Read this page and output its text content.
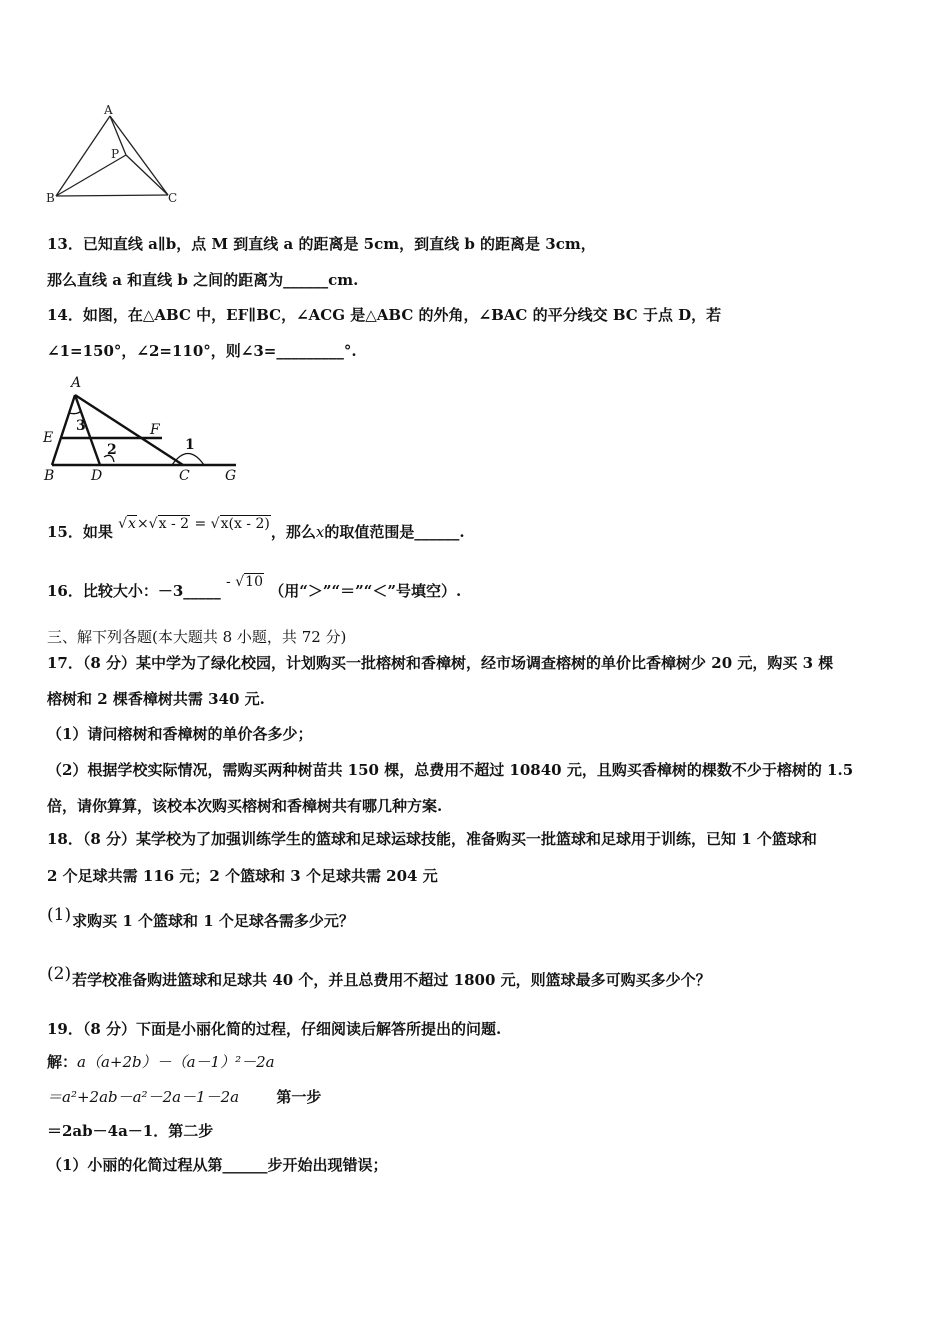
A
P
B	C
13．已知直线 a∥b，点 M 到直线 a 的距离是 5cm，到直线 b 的距离是 3cm，
那么直线 a 和直线 b 之间的距离为______cm.
14．如图，在△ABC 中，EF∥BC，∠ACG 是△ABC 的外角，∠BAC 的平分线交 BC 于点 D，若
∠1=150°，∠2=110°，则∠3=_________°.
A
E	F
B	D	C	G
3
2	1
15．如果 √x×√x - 2 = √x(x - 2)，那么x的取值范围是______.
16．比较大小：－3_____ - √10 （用“＞”“＝”“＜”号填空）.
三、解下列各题(本大题共 8 小题，共 72 分)
17．（8 分）某中学为了绿化校园，计划购买一批榕树和香樟树，经市场调查榕树的单价比香樟树少 20 元，购买 3 棵
榕树和 2 棵香樟树共需 340 元.
（1）请问榕树和香樟树的单价各多少；
（2）根据学校实际情况，需购买两种树苗共 150 棵，总费用不超过 10840 元，且购买香樟树的棵数不少于榕树的 1.5
倍，请你算算，该校本次购买榕树和香樟树共有哪几种方案.
18．（8 分）某学校为了加强训练学生的篮球和足球运球技能，准备购买一批篮球和足球用于训练，已知 1 个篮球和
2 个足球共需 116 元；2 个篮球和 3 个足球共需 204 元
(1)求购买 1 个篮球和 1 个足球各需多少元？
(2)若学校准备购进篮球和足球共 40 个，并且总费用不超过 1800 元，则篮球最多可购买多少个？
19．（8 分）下面是小丽化简的过程，仔细阅读后解答所提出的问题.
解：a（a+2b）－（a－1）²－2a
＝a²+2ab－a²－2a－1－2a 第一步
＝2ab－4a－1．第二步
（1）小丽的化简过程从第______步开始出现错误；
